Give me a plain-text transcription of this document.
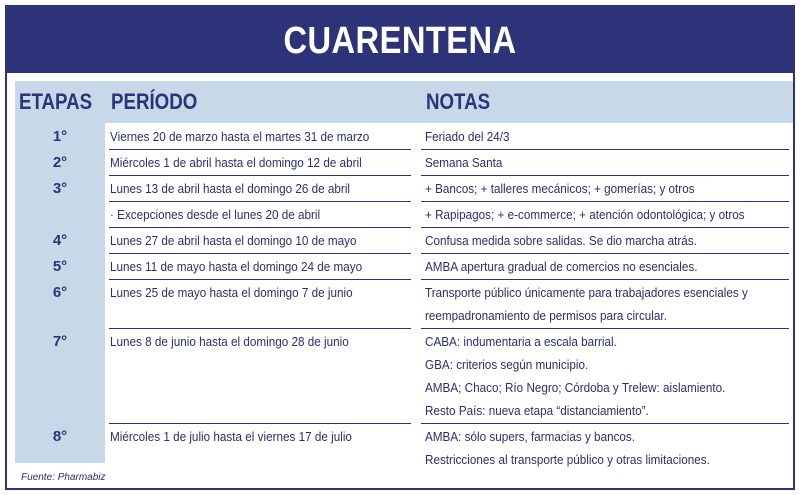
CUARENTENA
ETAPAS PERÍODO	NOTAS
1°	Viernes 20 de marzo hasta el martes 31 de marzo	Feriado del 24/3
2°	Miércoles 1 de abril hasta el domingo 12 de abril	Semana Santa
3°	Lunes 13 de abril hasta el domingo 26 de abril	+ Bancos; + talleres mecánicos; + gomerías; y otros
· Excepciones desde el lunes 20 de abril	+ Rapipagos; + e-commerce; + atención odontológica; y otros
4°	Lunes 27 de abril hasta el domingo 10 de mayo	Confusa medida sobre salidas. Se dio marcha atrás.
5°	Lunes 11 de mayo hasta el domingo 24 de mayo	AMBA apertura gradual de comercios no esenciales.
6°	Lunes 25 de mayo hasta el domingo 7 de junio	Transporte público únicamente para trabajadores esenciales y
reempadronamiento de permisos para circular.
7°	Lunes 8 de junio hasta el domingo 28 de junio	CABA: indumentaria a escala barrial.
GBA: criterios según municipio.
AMBA; Chaco; Río Negro; Córdoba y Trelew: aislamiento.
Resto País: nueva etapa “distanciamiento”.
8°	Miércoles 1 de julio hasta el viernes 17 de julio	AMBA: sólo supers, farmacias y bancos.
Restricciones al transporte público y otras limitaciones.
Fuente: Pharmabiz
